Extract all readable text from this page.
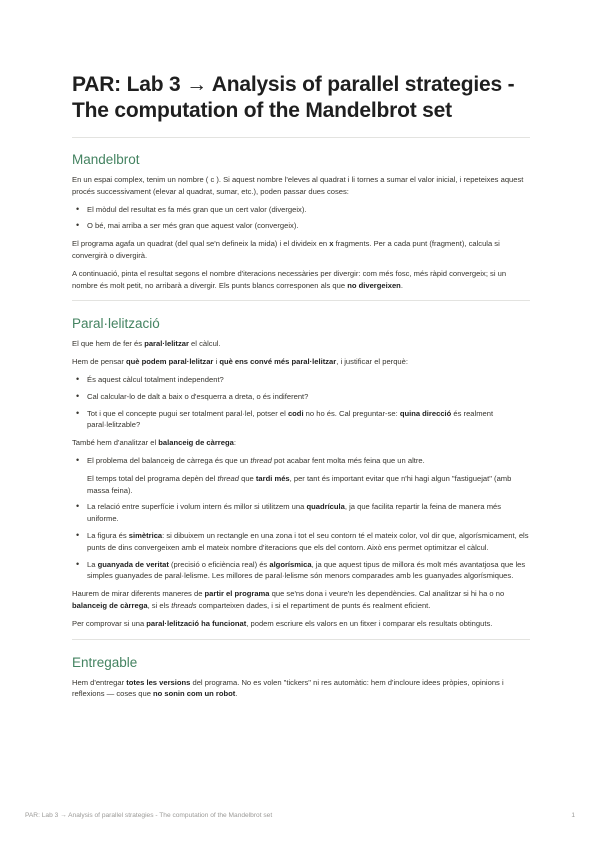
PAR: Lab 3 → Analysis of parallel strategies - The computation of the Mandelbrot set
Mandelbrot

En un espai complex, tenim un nombre ( c ). Si aquest nombre l'eleves al quadrat i li tornes a sumar el valor inicial, i repeteixes aquest procés successivament (elevar al quadrat, sumar, etc.), poden passar dues coses:

• El mòdul del resultat es fa més gran que un cert valor (divergeix).
• O bé, mai arriba a ser més gran que aquest valor (convergeix).

El programa agafa un quadrat (del qual se'n defineix la mida) i el divideix en x fragments. Per a cada punt (fragment), calcula si convergirà o divergirà.

A continuació, pinta el resultat segons el nombre d'iteracions necessàries per divergir: com més fosc, més ràpid convergeix; si un nombre és molt petit, no arribarà a divergir. Els punts blancs corresponen als que no divergeixen.

Paral·lelització

El que hem de fer és paral·lelitzar el càlcul.

Hem de pensar què podem paral·lelitzar i què ens convé més paral·lelitzar, i justificar el perquè:

• És aquest càlcul totalment independent?
• Cal calcular-lo de dalt a baix o d'esquerra a dreta, o és indiferent?
• Tot i que el concepte pugui ser totalment paral·lel, potser el codi no ho és. Cal preguntar-se: quina direcció és realment paral·lelitzable?

També hem d'analitzar el balanceig de càrrega:

• El problema del balanceig de càrrega és que un thread pot acabar fent molta més feina que un altre.
El temps total del programa depèn del thread que tardi més, per tant és important evitar que n'hi hagi algun "fastiguejat" (amb massa feina).
• La relació entre superfície i volum intern és millor si utilitzem una quadrícula, ja que facilita repartir la feina de manera més uniforme.
• La figura és simètrica: si dibuixem un rectangle en una zona i tot el seu contorn té el mateix color, vol dir que, algorísmicament, els punts de dins convergeixen amb el mateix nombre d'iteracions que els del contorn. Això ens permet optimitzar el càlcul.
• La guanyada de veritat (precisió o eficiència real) és algorísmica, ja que aquest tipus de millora és molt més avantatjosa que les simples guanyades de paral·lelisme. Les millores de paral·lelisme són menors comparades amb les guanyades algorísmiques.

Haurem de mirar diferents maneres de partir el programa que se'ns dona i veure'n les dependències. Cal analitzar si hi ha o no balanceig de càrrega, si els threads comparteixen dades, i si el repartiment de punts és realment eficient.

Per comprovar si una paral·lelització ha funcionat, podem escriure els valors en un fitxer i comparar els resultats obtinguts.

Entregable

Hem d'entregar totes les versions del programa. No es volen "tickers" ni res automàtic: hem d'incloure idees pròpies, opinions i reflexions — coses que no sonin com un robot.

PAR: Lab 3 → Analysis of parallel strategies - The computation of the Mandelbrot set	1
